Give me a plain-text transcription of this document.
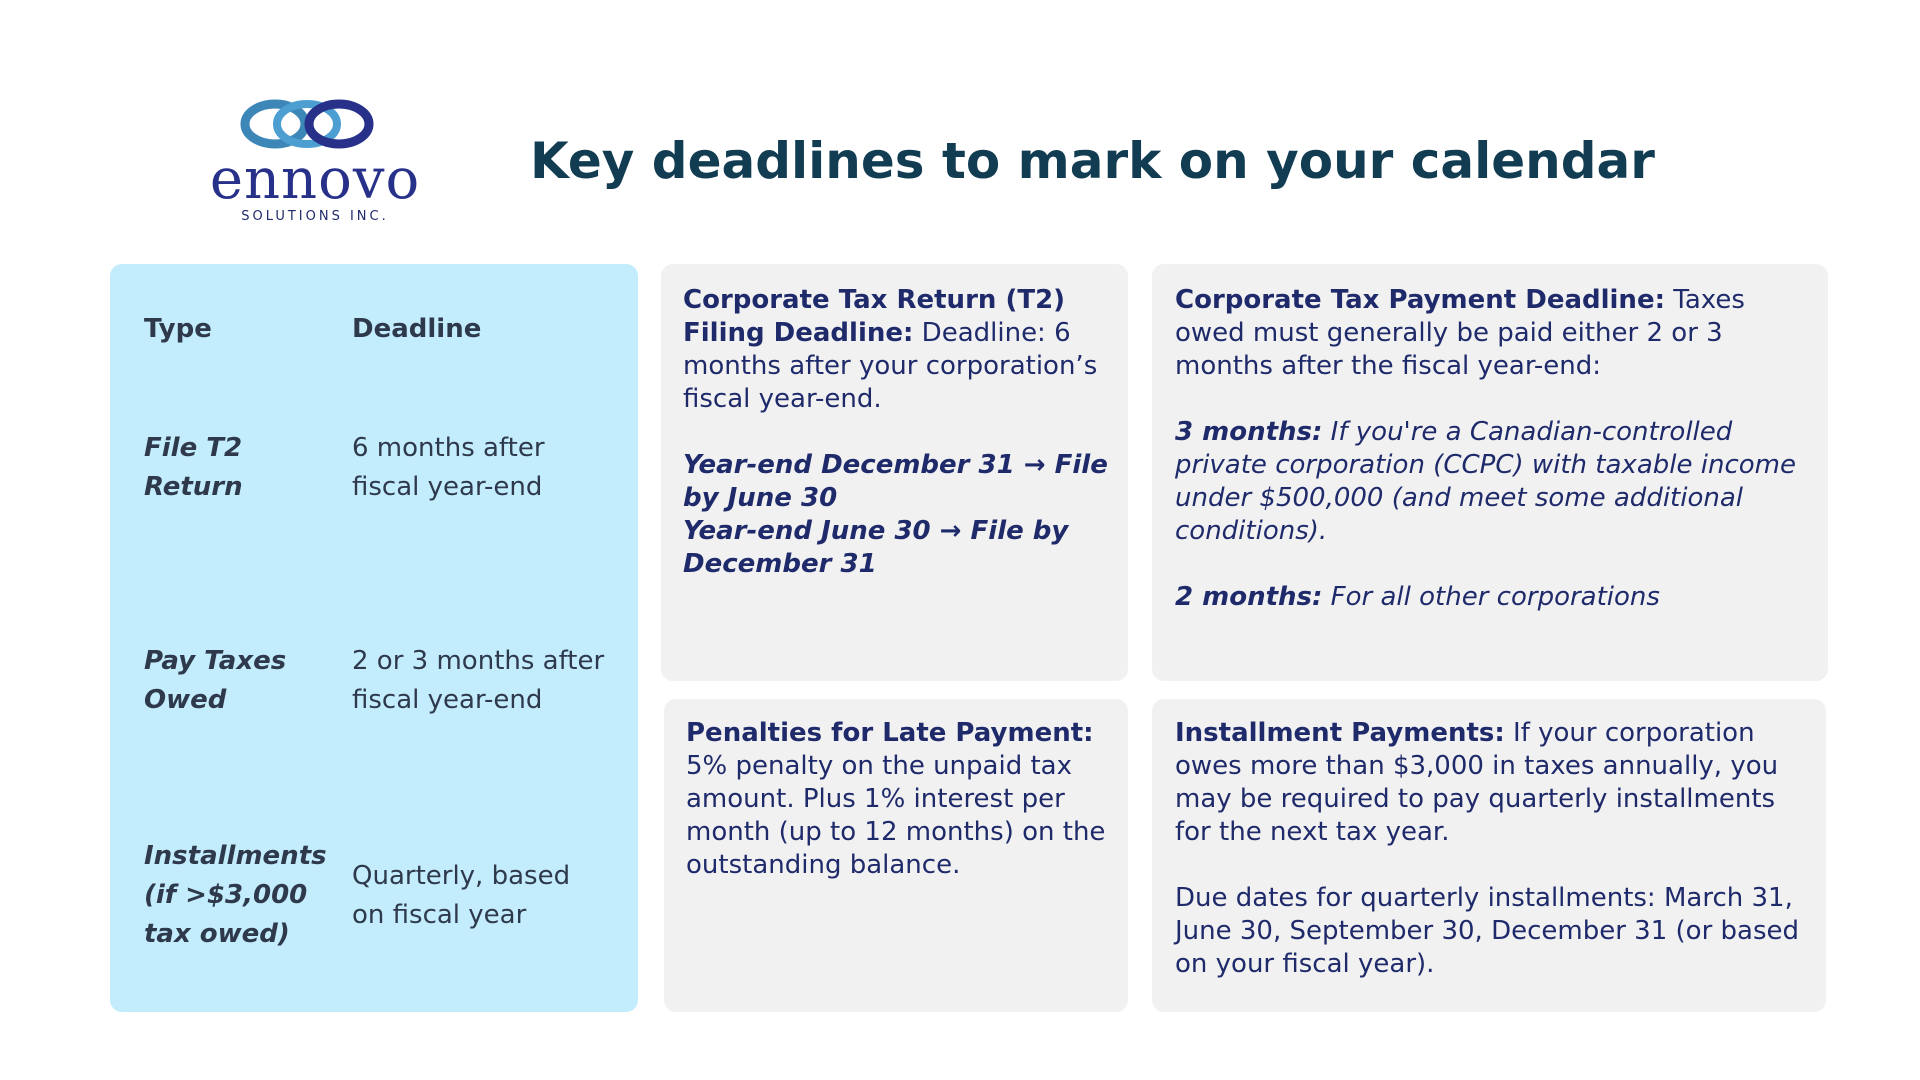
ennovo
SOLUTIONS INC.
Key deadlines to mark on your calendar
Type	Deadline
File T2
Return
6 months after
fiscal year-end
Pay Taxes
Owed
2 or 3 months after
fiscal year-end
Installments
(if >$3,000
tax owed)
Quarterly, based
on fiscal year
Corporate Tax Return (T2) Filing Deadline: Deadline: 6 months after your corporation’s fiscal year-end.
Year-end December 31 → File by June 30
Year-end June 30 → File by December 31
Corporate Tax Payment Deadline: Taxes owed must generally be paid either 2 or 3 months after the fiscal year-end:
3 months: If you're a Canadian-controlled private corporation (CCPC) with taxable income under $500,000 (and meet some additional conditions).
2 months: For all other corporations
Penalties for Late Payment:
5% penalty on the unpaid tax amount. Plus 1% interest per month (up to 12 months) on the outstanding balance.
Installment Payments: If your corporation owes more than $3,000 in taxes annually, you may be required to pay quarterly installments for the next tax year.
Due dates for quarterly installments: March 31, June 30, September 30, December 31 (or based on your fiscal year).
